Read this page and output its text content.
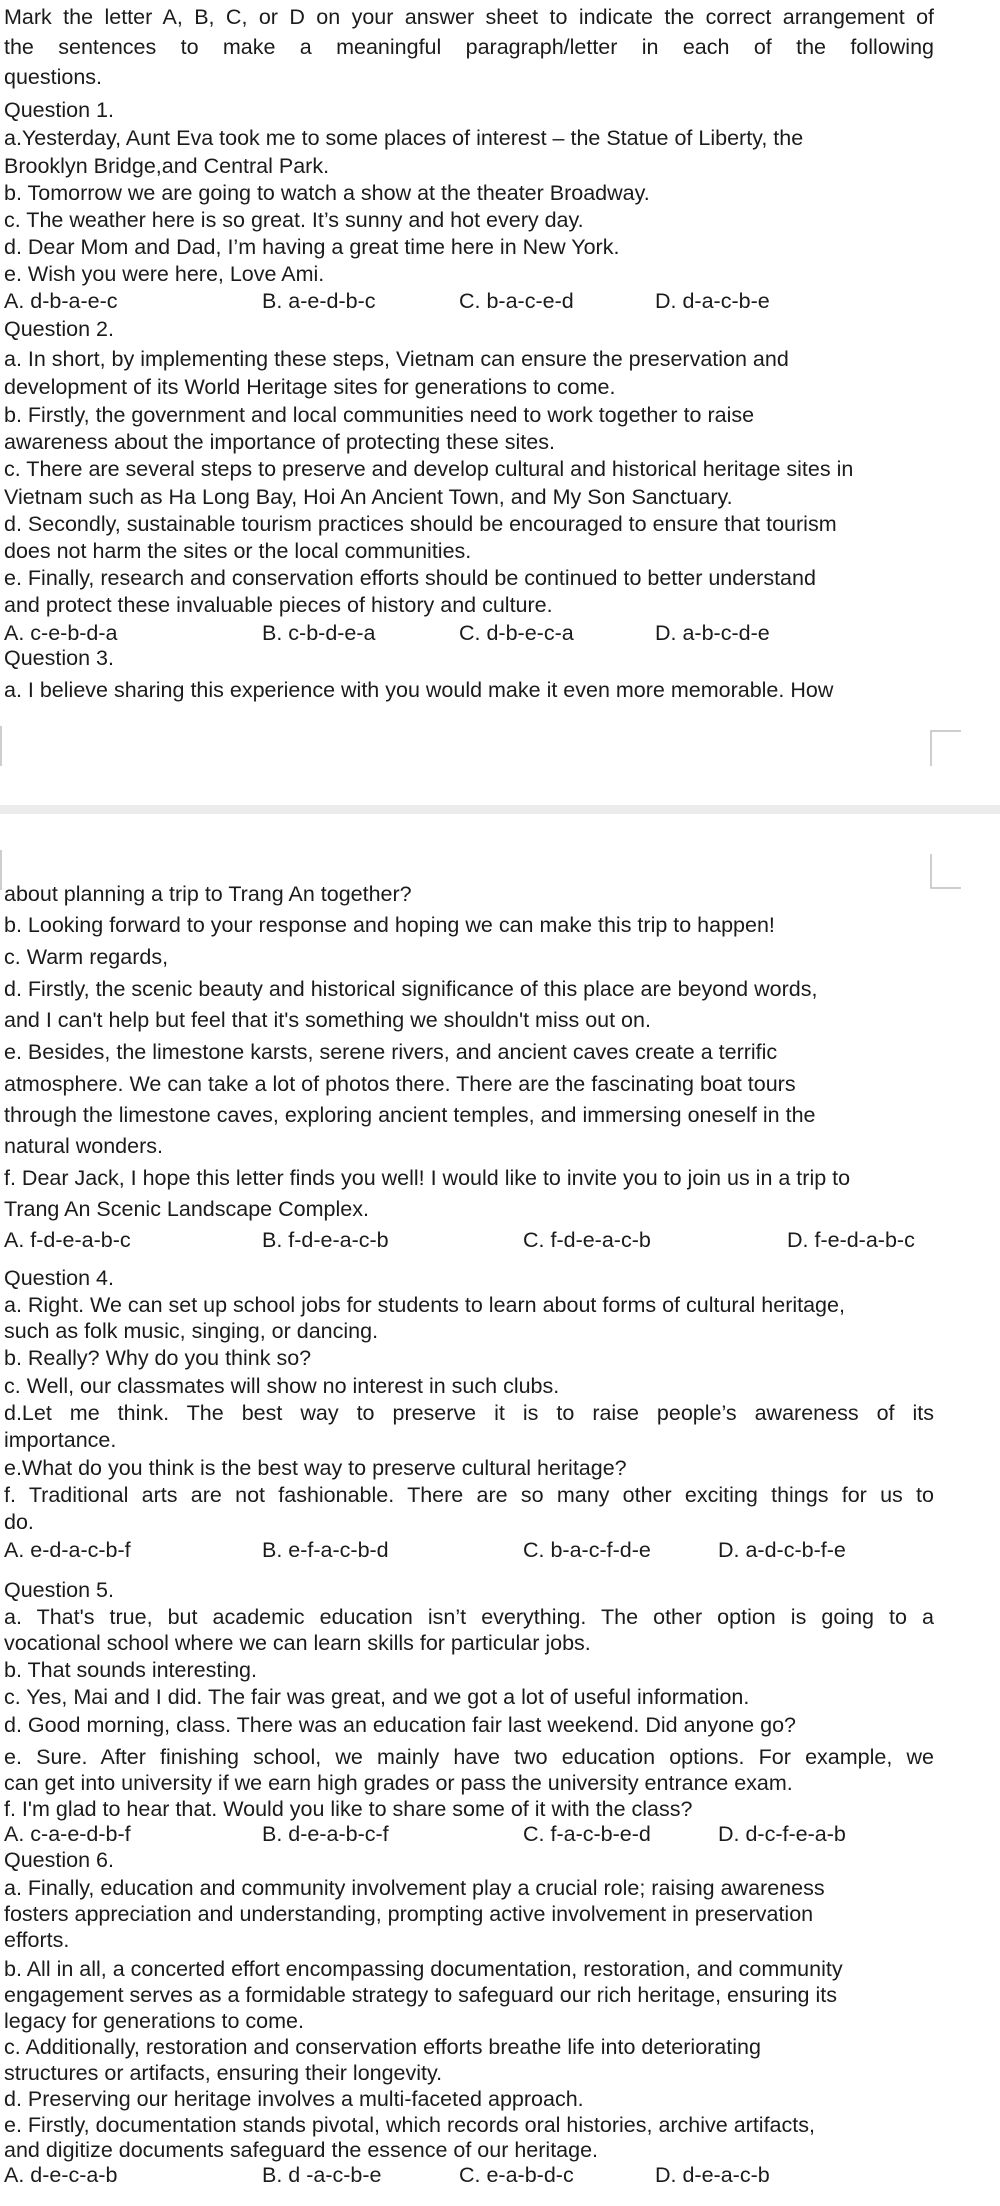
Mark the letter A, B, C, or D on your answer sheet to indicate the correct arrangement of
the sentences to make a meaningful paragraph/letter in each of the following
questions.
Question 1.
a.Yesterday, Aunt Eva took me to some places of interest – the Statue of Liberty, the
Brooklyn Bridge,and Central Park.
b. Tomorrow we are going to watch a show at the theater Broadway.
c. The weather here is so great. It’s sunny and hot every day.
d. Dear Mom and Dad, I’m having a great time here in New York.
e. Wish you were here, Love Ami.
A. d-b-a-e-c	B. a-e-d-b-c	C. b-a-c-e-d	D. d-a-c-b-e
Question 2.
a. In short, by implementing these steps, Vietnam can ensure the preservation and
development of its World Heritage sites for generations to come.
b. Firstly, the government and local communities need to work together to raise
awareness about the importance of protecting these sites.
c. There are several steps to preserve and develop cultural and historical heritage sites in
Vietnam such as Ha Long Bay, Hoi An Ancient Town, and My Son Sanctuary.
d. Secondly, sustainable tourism practices should be encouraged to ensure that tourism
does not harm the sites or the local communities.
e. Finally, research and conservation efforts should be continued to better understand
and protect these invaluable pieces of history and culture.
A. c-e-b-d-a	B. c-b-d-e-a	C. d-b-e-c-a	D. a-b-c-d-e
Question 3.
a. I believe sharing this experience with you would make it even more memorable. How
about planning a trip to Trang An together?
b. Looking forward to your response and hoping we can make this trip to happen!
c. Warm regards,
d. Firstly, the scenic beauty and historical significance of this place are beyond words,
and I can't help but feel that it's something we shouldn't miss out on.
e. Besides, the limestone karsts, serene rivers, and ancient caves create a terrific
atmosphere. We can take a lot of photos there. There are the fascinating boat tours
through the limestone caves, exploring ancient temples, and immersing oneself in the
natural wonders.
f. Dear Jack, I hope this letter finds you well! I would like to invite you to join us in a trip to
Trang An Scenic Landscape Complex.
A. f-d-e-a-b-c	B. f-d-e-a-c-b	C. f-d-e-a-c-b	D. f-e-d-a-b-c
Question 4.
a. Right. We can set up school jobs for students to learn about forms of cultural heritage,
such as folk music, singing, or dancing.
b. Really? Why do you think so?
c. Well, our classmates will show no interest in such clubs.
d.Let me think. The best way to preserve it is to raise people’s awareness of its
importance.
e.What do you think is the best way to preserve cultural heritage?
f. Traditional arts are not fashionable. There are so many other exciting things for us to
do.
A. e-d-a-c-b-f	B. e-f-a-c-b-d	C. b-a-c-f-d-e	D. a-d-c-b-f-e
Question 5.
a. That's true, but academic education isn’t everything. The other option is going to a
vocational school where we can learn skills for particular jobs.
b. That sounds interesting.
c. Yes, Mai and I did. The fair was great, and we got a lot of useful information.
d. Good morning, class. There was an education fair last weekend. Did anyone go?
e. Sure. After finishing school, we mainly have two education options. For example, we
can get into university if we earn high grades or pass the university entrance exam.
f. I'm glad to hear that. Would you like to share some of it with the class?
A. c-a-e-d-b-f	B. d-e-a-b-c-f	C. f-a-c-b-e-d	D. d-c-f-e-a-b
Question 6.
a. Finally, education and community involvement play a crucial role; raising awareness
fosters appreciation and understanding, prompting active involvement in preservation
efforts.
b. All in all, a concerted effort encompassing documentation, restoration, and community
engagement serves as a formidable strategy to safeguard our rich heritage, ensuring its
legacy for generations to come.
c. Additionally, restoration and conservation efforts breathe life into deteriorating
structures or artifacts, ensuring their longevity.
d. Preserving our heritage involves a multi-faceted approach.
e. Firstly, documentation stands pivotal, which records oral histories, archive artifacts,
and digitize documents safeguard the essence of our heritage.
A. d-e-c-a-b	B. d -a-c-b-e	C. e-a-b-d-c	D. d-e-a-c-b
